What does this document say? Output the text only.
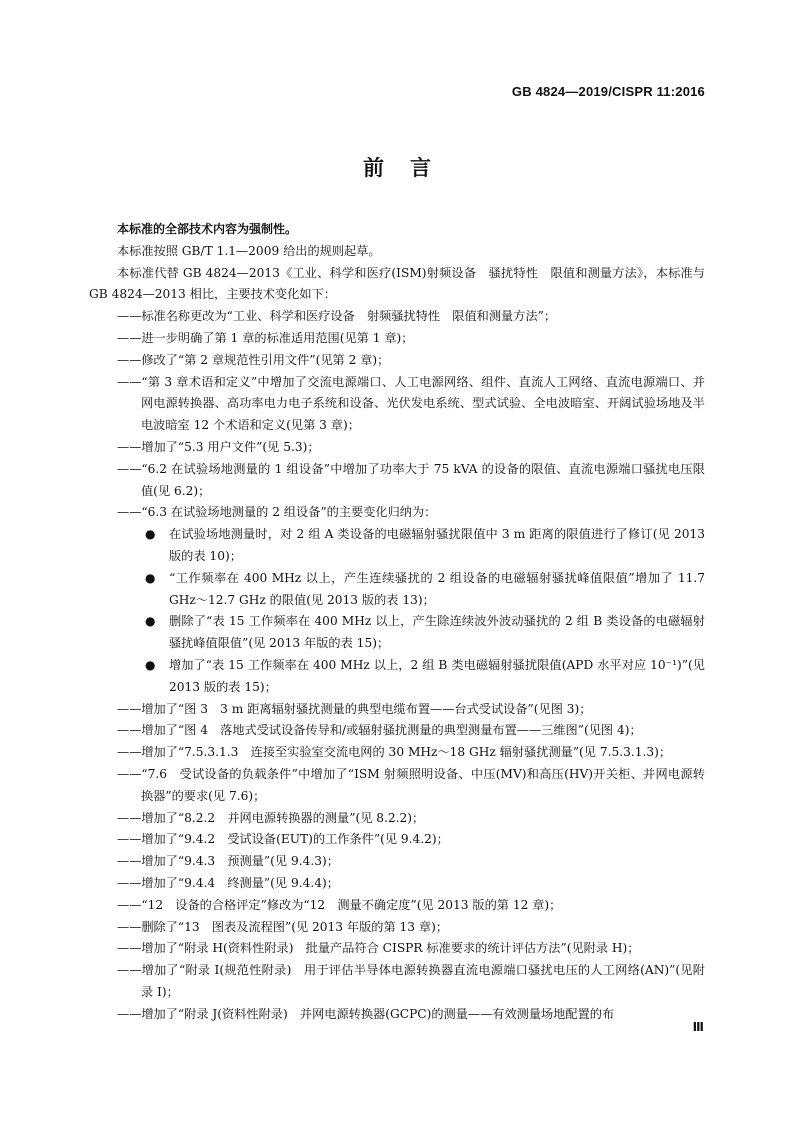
GB 4824—2019/CISPR 11:2016
前言

本标准的全部技术内容为强制性。

本标准按照 GB/T 1.1—2009 给出的规则起草。

本标准代替 GB 4824—2013《工业、科学和医疗(ISM)射频设备　骚扰特性　限值和测量方法》，本标准与 GB 4824—2013 相比，主要技术变化如下：

——标准名称更改为“工业、科学和医疗设备　射频骚扰特性　限值和测量方法”；

——进一步明确了第 1 章的标准适用范围(见第 1 章)；

——修改了“第 2 章规范性引用文件”(见第 2 章)；

——“第 3 章术语和定义”中增加了交流电源端口、人工电源网络、组件、直流人工网络、直流电源端口、并网电源转换器、高功率电力电子系统和设备、光伏发电系统、型式试验、全电波暗室、开阔试验场地及半电波暗室 12 个术语和定义(见第 3 章)；

——增加了“5.3 用户文件”(见 5.3)；

——“6.2 在试验场地测量的 1 组设备”中增加了功率大于 75 kVA 的设备的限值、直流电源端口骚扰电压限值(见 6.2)；

——“6.3 在试验场地测量的 2 组设备”的主要变化归纳为：

● 在试验场地测量时，对 2 组 A 类设备的电磁辐射骚扰限值中 3 m 距离的限值进行了修订(见 2013 版的表 10)；

● “工作频率在 400 MHz 以上，产生连续骚扰的 2 组设备的电磁辐射骚扰峰值限值”增加了 11.7 GHz～12.7 GHz 的限值(见 2013 版的表 13)；

● 删除了“表 15 工作频率在 400 MHz 以上，产生除连续波外波动骚扰的 2 组 B 类设备的电磁辐射骚扰峰值限值”(见 2013 年版的表 15)；

● 增加了“表 15 工作频率在 400 MHz 以上，2 组 B 类电磁辐射骚扰限值(APD 水平对应 10⁻¹)”(见 2013 版的表 15)；

——增加了“图 3　3 m 距离辐射骚扰测量的典型电缆布置——台式受试设备”(见图 3)；

——增加了“图 4　落地式受试设备传导和/或辐射骚扰测量的典型测量布置——三维图”(见图 4)；

——增加了“7.5.3.1.3　连接至实验室交流电网的 30 MHz～18 GHz 辐射骚扰测量”(见 7.5.3.1.3)；

——“7.6　受试设备的负载条件”中增加了“ISM 射频照明设备、中压(MV)和高压(HV)开关柜、并网电源转换器”的要求(见 7.6)；

——增加了“8.2.2　并网电源转换器的测量”(见 8.2.2)；

——增加了“9.4.2　受试设备(EUT)的工作条件”(见 9.4.2)；

——增加了“9.4.3　预测量”(见 9.4.3)；

——增加了“9.4.4　终测量”(见 9.4.4)；

——“12　设备的合格评定”修改为“12　测量不确定度”(见 2013 版的第 12 章)；

——删除了“13　图表及流程图”(见 2013 年版的第 13 章)；

——增加了“附录 H(资料性附录)　批量产品符合 CISPR 标准要求的统计评估方法”(见附录 H)；

——增加了“附录 I(规范性附录)　用于评估半导体电源转换器直流电源端口骚扰电压的人工网络(AN)”(见附录 I)；

——增加了“附录 J(资料性附录)　并网电源转换器(GCPC)的测量——有效测量场地配置的布

Ⅲ
